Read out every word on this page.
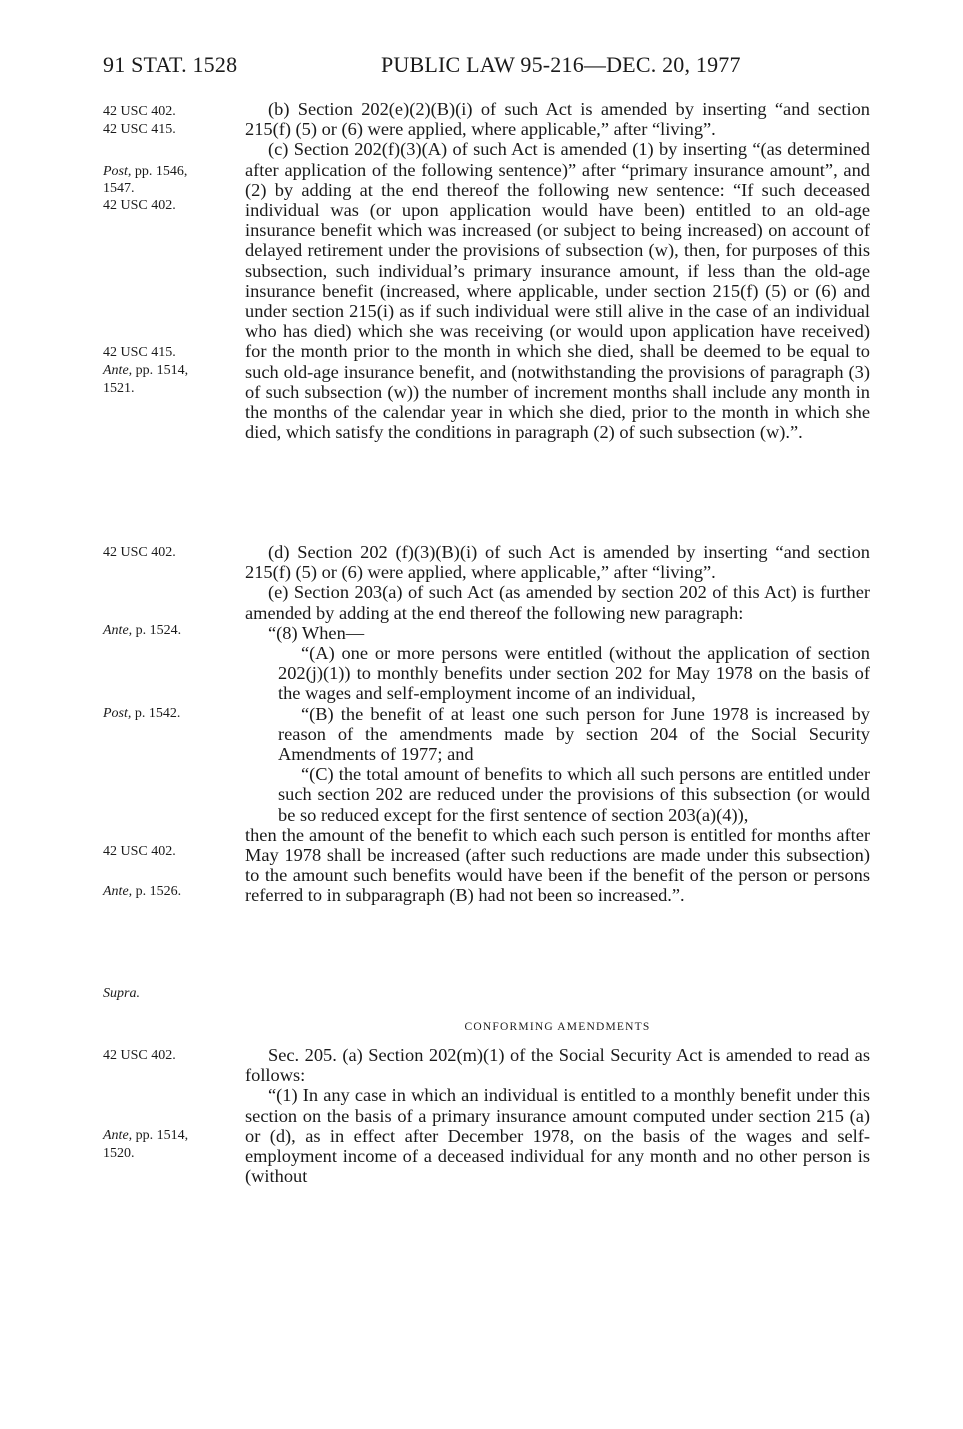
91 STAT. 1528	PUBLIC LAW 95-216—DEC. 20, 1977
42 USC 402.
42 USC 415.
Post, pp. 1546,
1547.
42 USC 402.
42 USC 415.
Ante, pp. 1514,
1521.
42 USC 402.
Ante, p. 1524.
Post, p. 1542.
42 USC 402.
Ante, p. 1526.
Supra.
42 USC 402.
Ante, pp. 1514,
1520.

(b) Section 202(e)(2)(B)(i) of such Act is amended by inserting “and section 215(f) (5) or (6) were applied, where applicable,” after “living”.

(c) Section 202(f)(3)(A) of such Act is amended (1) by inserting “(as determined after application of the following sentence)” after “primary insurance amount”, and (2) by adding at the end thereof the following new sentence: “If such deceased individual was (or upon application would have been) entitled to an old-age insurance benefit which was increased (or subject to being increased) on account of delayed retirement under the provisions of subsection (w), then, for purposes of this subsection, such individual’s primary insurance amount, if less than the old-age insurance benefit (increased, where applicable, under section 215(f) (5) or (6) and under section 215(i) as if such individual were still alive in the case of an individual who has died) which she was receiving (or would upon application have received) for the month prior to the month in which she died, shall be deemed to be equal to such old-age insurance benefit, and (notwithstanding the provisions of paragraph (3) of such subsection (w)) the number of increment months shall include any month in the months of the calendar year in which she died, prior to the month in which she died, which satisfy the conditions in paragraph (2) of such subsection (w).”.

(d) Section 202 (f)(3)(B)(i) of such Act is amended by inserting “and section 215(f) (5) or (6) were applied, where applicable,” after “living”.

(e) Section 203(a) of such Act (as amended by section 202 of this Act) is further amended by adding at the end thereof the following new paragraph:

“(8) When—

“(A) one or more persons were entitled (without the application of section 202(j)(1)) to monthly benefits under section 202 for May 1978 on the basis of the wages and self-employment income of an individual,

“(B) the benefit of at least one such person for June 1978 is increased by reason of the amendments made by section 204 of the Social Security Amendments of 1977; and

“(C) the total amount of benefits to which all such persons are entitled under such section 202 are reduced under the provisions of this subsection (or would be so reduced except for the first sentence of section 203(a)(4)),

then the amount of the benefit to which each such person is entitled for months after May 1978 shall be increased (after such reductions are made under this subsection) to the amount such benefits would have been if the benefit of the person or persons referred to in subparagraph (B) had not been so increased.”.

CONFORMING AMENDMENTS

Sec. 205. (a) Section 202(m)(1) of the Social Security Act is amended to read as follows:

“(1) In any case in which an individual is entitled to a monthly benefit under this section on the basis of a primary insurance amount computed under section 215 (a) or (d), as in effect after December 1978, on the basis of the wages and self-employment income of a deceased individual for any month and no other person is (without
